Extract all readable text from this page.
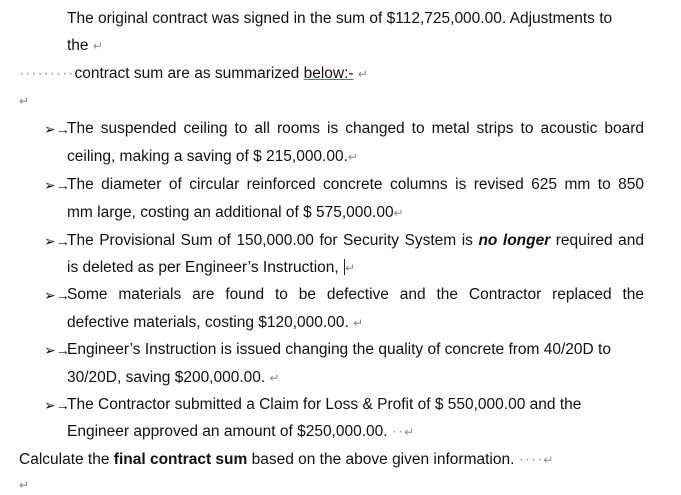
The original contract was signed in the sum of $112,725,000.00. Adjustments to
the ↵
·········contract sum are as summarized below:- ↵
↵
➢→
The suspended ceiling to all rooms is changed to metal strips to acoustic board
ceiling, making a saving of $ 215,000.00.↵
➢→
The diameter of circular reinforced concrete columns is revised 625 mm to 850
mm large, costing an additional of $ 575,000.00↵
➢→
The Provisional Sum of 150,000.00 for Security System is no longer required and
is deleted as per Engineer’s Instruction, ↵
➢→
Some materials are found to be defective and the Contractor replaced the
defective materials, costing $120,000.00. ↵
➢→
Engineer’s Instruction is issued changing the quality of concrete from 40/20D to
30/20D, saving $200,000.00. ↵
➢→
The Contractor submitted a Claim for Loss & Profit of $ 550,000.00 and the
Engineer approved an amount of $250,000.00. ··↵
Calculate the final contract sum based on the above given information. ····↵
↵
